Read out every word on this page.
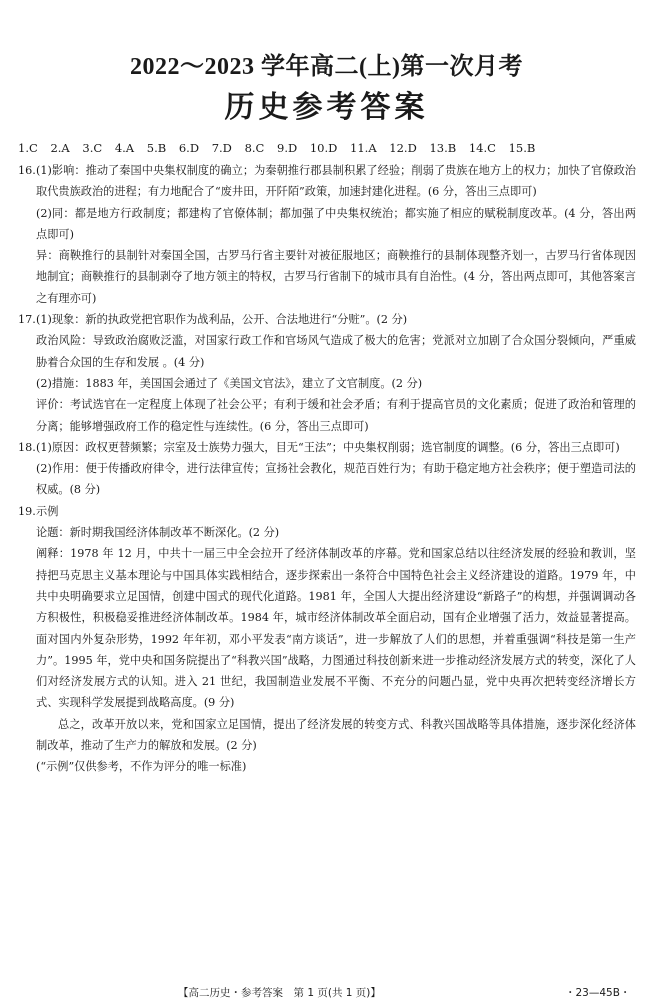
2022～2023 学年高二(上)第一次月考
历史参考答案
1.C 2.A 3.C 4.A 5.B 6.D 7.D 8.C 9.D 10.D 11.A 12.D 13.B 14.C 15.B
16. (1)影响：推动了秦国中央集权制度的确立；为秦朝推行郡县制积累了经验；削弱了贵族在地方上的权力；加快了官僚政治取代贵族政治的进程；有力地配合了“废井田，开阡陌”政策，加速封建化进程。(6 分，答出三点即可)
(2)同：都是地方行政制度；都建构了官僚体制；都加强了中央集权统治；都实施了相应的赋税制度改革。(4 分，答出两点即可)
异：商鞅推行的县制针对秦国全国，古罗马行省主要针对被征服地区；商鞅推行的县制体现整齐划一，古罗马行省体现因地制宜；商鞅推行的县制剥夺了地方领主的特权，古罗马行省制下的城市具有自治性。(4 分，答出两点即可，其他答案言之有理亦可)
17. (1)现象：新的执政党把官职作为战利品，公开、合法地进行“分赃”。(2 分)
政治风险：导致政治腐败泛滥，对国家行政工作和官场风气造成了极大的危害；党派对立加剧了合众国分裂倾向，严重威胁着合众国的生存和发展 。(4 分)
(2)措施：1883 年，美国国会通过了《美国文官法》，建立了文官制度。(2 分)
评价：考试选官在一定程度上体现了社会公平；有利于缓和社会矛盾；有利于提高官员的文化素质；促进了政治和管理的分离；能够增强政府工作的稳定性与连续性。(6 分，答出三点即可)
18. (1)原因：政权更替频繁；宗室及士族势力强大，目无“王法”；中央集权削弱；选官制度的调整。(6 分，答出三点即可)
(2)作用：便于传播政府律令，进行法律宣传；宣扬社会教化，规范百姓行为；有助于稳定地方社会秩序；便于塑造司法的权威。(8 分)
19. 示例
论题：新时期我国经济体制改革不断深化。(2 分)
阐释：1978 年 12 月，中共十一届三中全会拉开了经济体制改革的序幕。党和国家总结以往经济发展的经验和教训，坚持把马克思主义基本理论与中国具体实践相结合，逐步探索出一条符合中国特色社会主义经济建设的道路。1979 年，中共中央明确要求立足国情，创建中国式的现代化道路。1981 年，全国人大提出经济建设“新路子”的构想，并强调调动各方积极性，积极稳妥推进经济体制改革。1984 年，城市经济体制改革全面启动，国有企业增强了活力，效益显著提高。面对国内外复杂形势，1992 年年初，邓小平发表“南方谈话”，进一步解放了人们的思想，并着重强调“科技是第一生产力”。1995 年，党中央和国务院提出了“科教兴国”战略，力图通过科技创新来进一步推动经济发展方式的转变，深化了人们对经济发展方式的认知。进入 21 世纪，我国制造业发展不平衡、不充分的问题凸显，党中央再次把转变经济增长方式、实现科学发展提到战略高度。(9 分)
总之，改革开放以来，党和国家立足国情，提出了经济发展的转变方式、科教兴国战略等具体措施，逐步深化经济体制改革，推动了生产力的解放和发展。(2 分)
(“示例”仅供参考，不作为评分的唯一标准)
【高二历史・参考答案　第 1 页(共 1 页)】	・23—45B・
